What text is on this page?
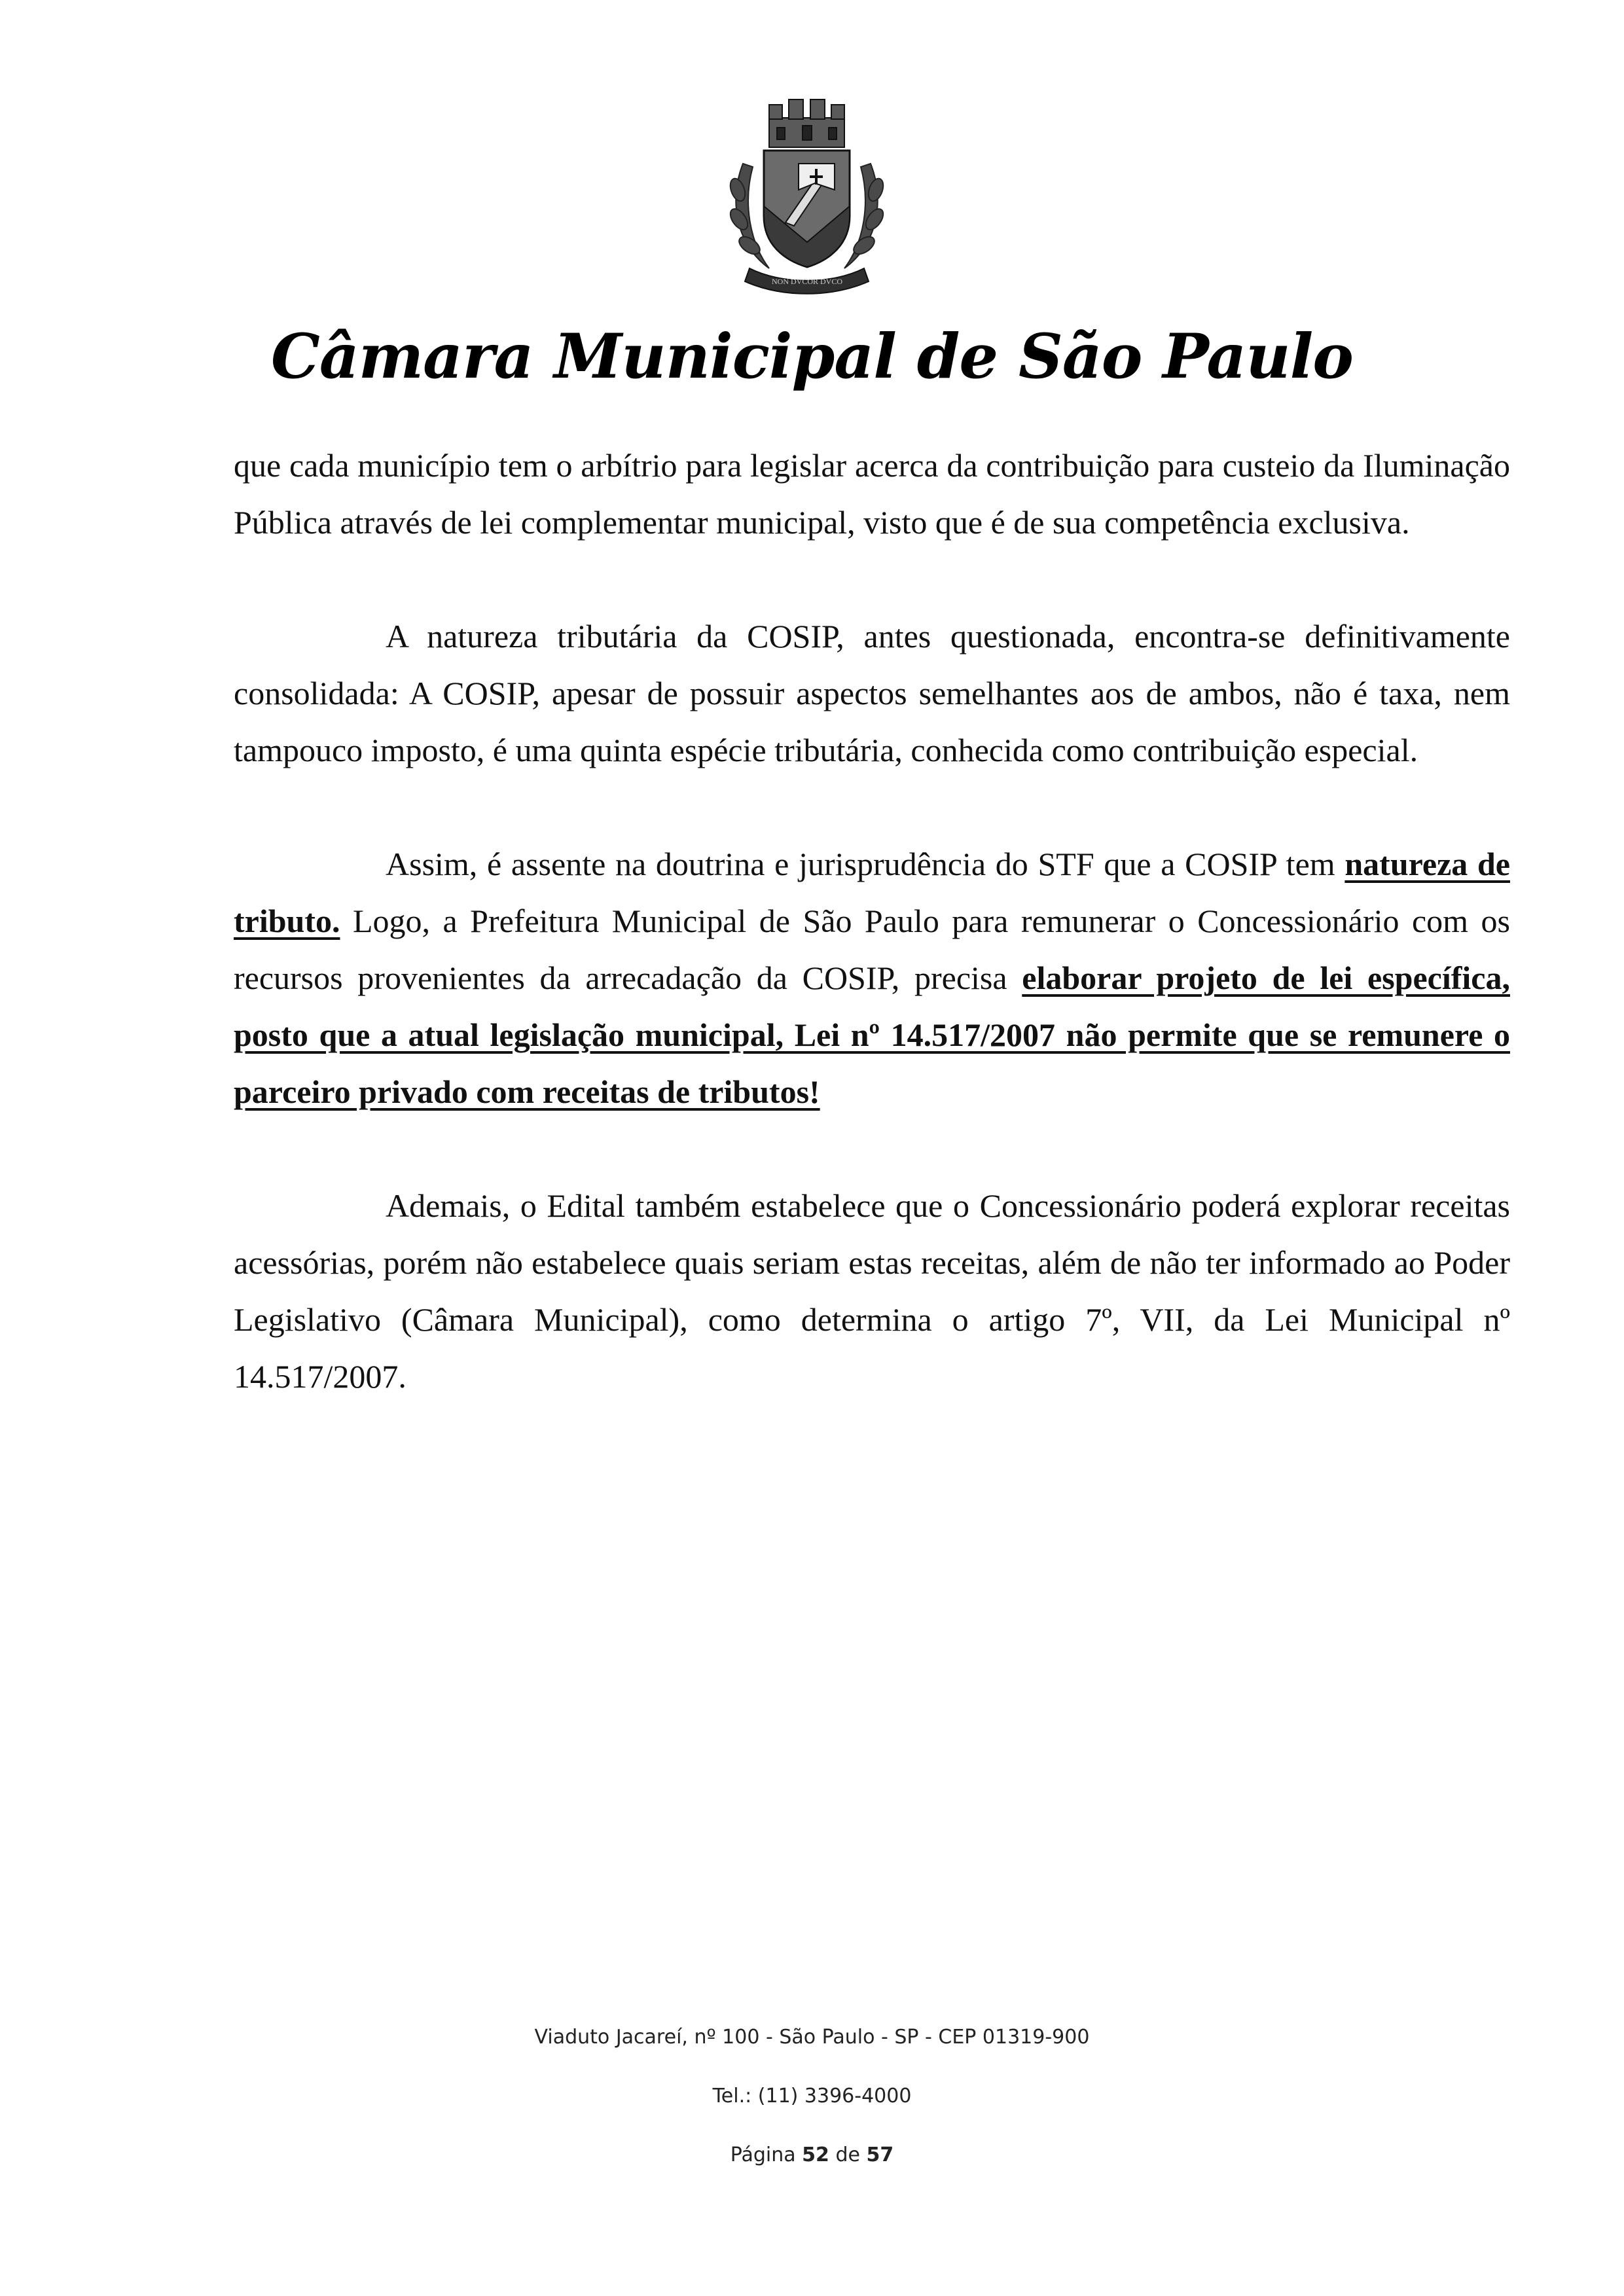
NON DVCOR DVCO
Câmara Municipal de São Paulo

que cada município tem o arbítrio para legislar acerca da contribuição para custeio da Iluminação Pública através de lei complementar municipal, visto que é de sua competência exclusiva.

A natureza tributária da COSIP, antes questionada, encontra-se definitivamente consolidada: A COSIP, apesar de possuir aspectos semelhantes aos de ambos, não é taxa, nem tampouco imposto, é uma quinta espécie tributária, conhecida como contribuição especial.

Assim, é assente na doutrina e jurisprudência do STF que a COSIP tem natureza de tributo. Logo, a Prefeitura Municipal de São Paulo para remunerar o Concessionário com os recursos provenientes da arrecadação da COSIP, precisa elaborar projeto de lei específica, posto que a atual legislação municipal, Lei nº 14.517/2007 não permite que se remunere o parceiro privado com receitas de tributos!

Ademais, o Edital também estabelece que o Concessionário poderá explorar receitas acessórias, porém não estabelece quais seriam estas receitas, além de não ter informado ao Poder Legislativo (Câmara Municipal), como determina o artigo 7º, VII, da Lei Municipal nº 14.517/2007.

Viaduto Jacareí, nº 100 - São Paulo - SP - CEP 01319-900
Tel.: (11) 3396-4000
Página 52 de 57
